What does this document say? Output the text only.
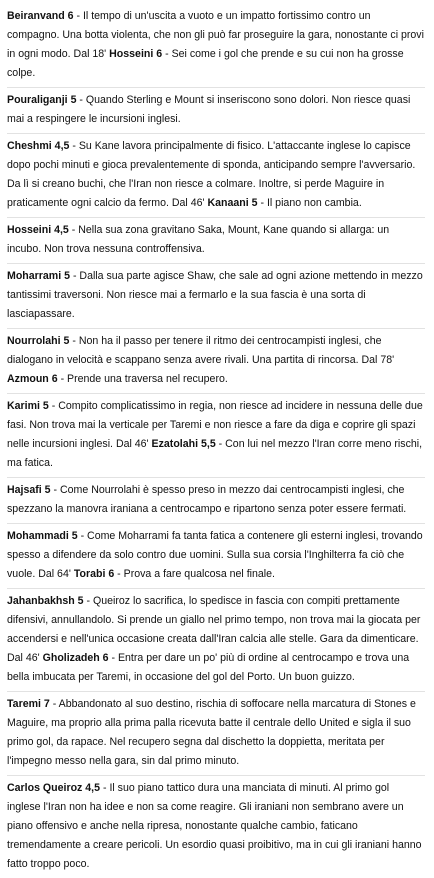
Beiranvand 6 - Il tempo di un'uscita a vuoto e un impatto fortissimo contro un compagno. Una botta violenta, che non gli può far proseguire la gara, nonostante ci provi in ogni modo. Dal 18' Hosseini 6 - Sei come i gol che prende e su cui non ha grosse colpe.

Pouraliganji 5 - Quando Sterling e Mount si inseriscono sono dolori. Non riesce quasi mai a respingere le incursioni inglesi.

Cheshmi 4,5 - Su Kane lavora principalmente di fisico. L'attaccante inglese lo capisce dopo pochi minuti e gioca prevalentemente di sponda, anticipando sempre l'avversario. Da lì si creano buchi, che l'Iran non riesce a colmare. Inoltre, si perde Maguire in praticamente ogni calcio da fermo. Dal 46' Kanaani 5 - Il piano non cambia.

Hosseini 4,5 - Nella sua zona gravitano Saka, Mount, Kane quando si allarga: un incubo. Non trova nessuna controffensiva.

Moharrami 5 - Dalla sua parte agisce Shaw, che sale ad ogni azione mettendo in mezzo tantissimi traversoni. Non riesce mai a fermarlo e la sua fascia è una sorta di lasciapassare.

Nourrolahi 5 - Non ha il passo per tenere il ritmo dei centrocampisti inglesi, che dialogano in velocità e scappano senza avere rivali. Una partita di rincorsa. Dal 78' Azmoun 6 - Prende una traversa nel recupero.

Karimi 5 - Compito complicatissimo in regia, non riesce ad incidere in nessuna delle due fasi. Non trova mai la verticale per Taremi e non riesce a fare da diga e coprire gli spazi nelle incursioni inglesi. Dal 46' Ezatolahi 5,5 - Con lui nel mezzo l'Iran corre meno rischi, ma fatica.

Hajsafi 5 - Come Nourrolahi è spesso preso in mezzo dai centrocampisti inglesi, che spezzano la manovra iraniana a centrocampo e ripartono senza poter essere fermati.

Mohammadi 5 - Come Moharrami fa tanta fatica a contenere gli esterni inglesi, trovando spesso a difendere da solo contro due uomini. Sulla sua corsia l'Inghilterra fa ciò che vuole. Dal 64' Torabi 6 - Prova a fare qualcosa nel finale.

Jahanbakhsh 5 - Queiroz lo sacrifica, lo spedisce in fascia con compiti prettamente difensivi, annullandolo. Si prende un giallo nel primo tempo, non trova mai la giocata per accendersi e nell'unica occasione creata dall'Iran calcia alle stelle. Gara da dimenticare. Dal 46' Gholizadeh 6 - Entra per dare un po' più di ordine al centrocampo e trova una bella imbucata per Taremi, in occasione del gol del Porto. Un buon guizzo.

Taremi 7 - Abbandonato al suo destino, rischia di soffocare nella marcatura di Stones e Maguire, ma proprio alla prima palla ricevuta batte il centrale dello United e sigla il suo primo gol, da rapace. Nel recupero segna dal dischetto la doppietta, meritata per l'impegno messo nella gara, sin dal primo minuto.

Carlos Queiroz 4,5 - Il suo piano tattico dura una manciata di minuti. Al primo gol inglese l'Iran non ha idee e non sa come reagire. Gli iraniani non sembrano avere un piano offensivo e anche nella ripresa, nonostante qualche cambio, faticano tremendamente a creare pericoli. Un esordio quasi proibitivo, ma in cui gli iraniani hanno fatto troppo poco.
